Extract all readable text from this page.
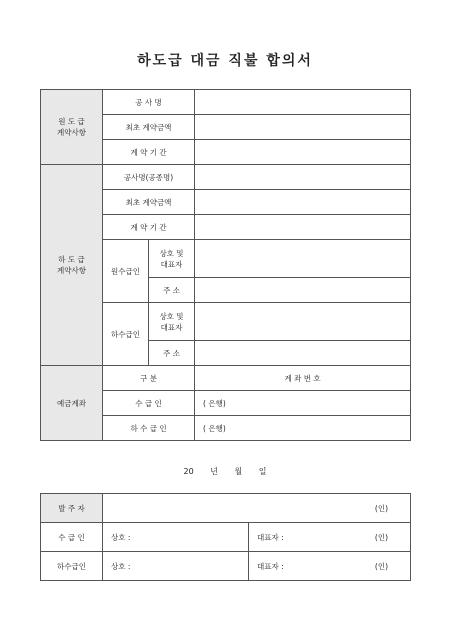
하도급 대금 직불 합의서
원 도 급
계약사항	공 사 명		
	최초 계약금액		
	계 약 기 간		
하 도 급
계약사항	공사명(공종명)		
	최초 계약금액		
	계 약 기 간		
	원수급인	상호 및
대표자	
		주 소	
	하수급인	상호 및
대표자	
		주 소	
예금계좌	구 분		계 좌 번 호
	수 급 인		( 은행)
	하 수 급 인		( 은행)
20 년 월 일
발 주 자	(인)	
수 급 인	상호 :	대표자 : (인)

하수급인	상호 :	대표자 : (인)
